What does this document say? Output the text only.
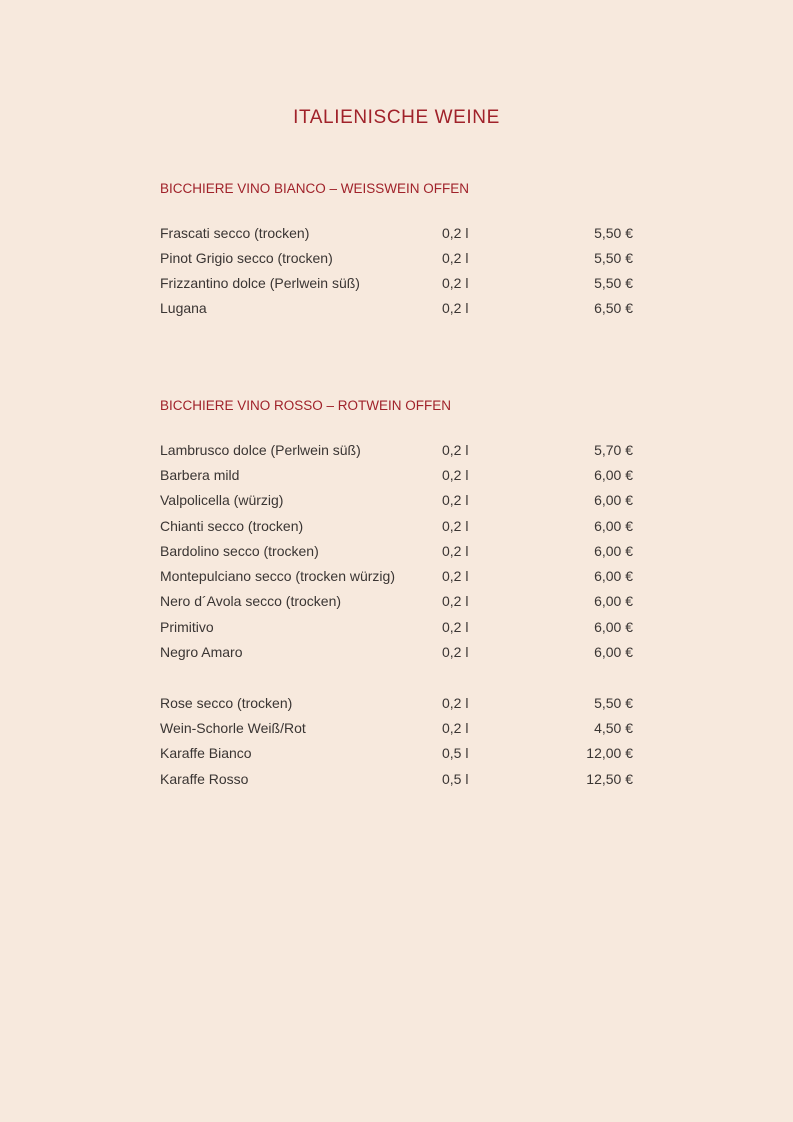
ITALIENISCHE WEINE
BICCHIERE VINO BIANCO – WEISSWEIN OFFEN
Frascati secco (trocken)	0,2 l	5,50 €
Pinot Grigio secco (trocken)	0,2 l	5,50 €
Frizzantino dolce (Perlwein süß)	0,2 l	5,50 €
Lugana	0,2 l	6,50 €
BICCHIERE VINO ROSSO – ROTWEIN OFFEN
Lambrusco dolce (Perlwein süß)	0,2 l	5,70 €
Barbera mild	0,2 l	6,00 €
Valpolicella (würzig)	0,2 l	6,00 €
Chianti secco (trocken)	0,2 l	6,00 €
Bardolino secco (trocken)	0,2 l	6,00 €
Montepulciano secco (trocken würzig)	0,2 l	6,00 €
Nero d´Avola secco (trocken)	0,2 l	6,00 €
Primitivo	0,2 l	6,00 €
Negro Amaro	0,2 l	6,00 €
Rose secco (trocken)	0,2 l	5,50 €
Wein-Schorle Weiß/Rot	0,2 l	4,50 €
Karaffe Bianco	0,5 l	12,00 €
Karaffe Rosso	0,5 l	12,50 €
